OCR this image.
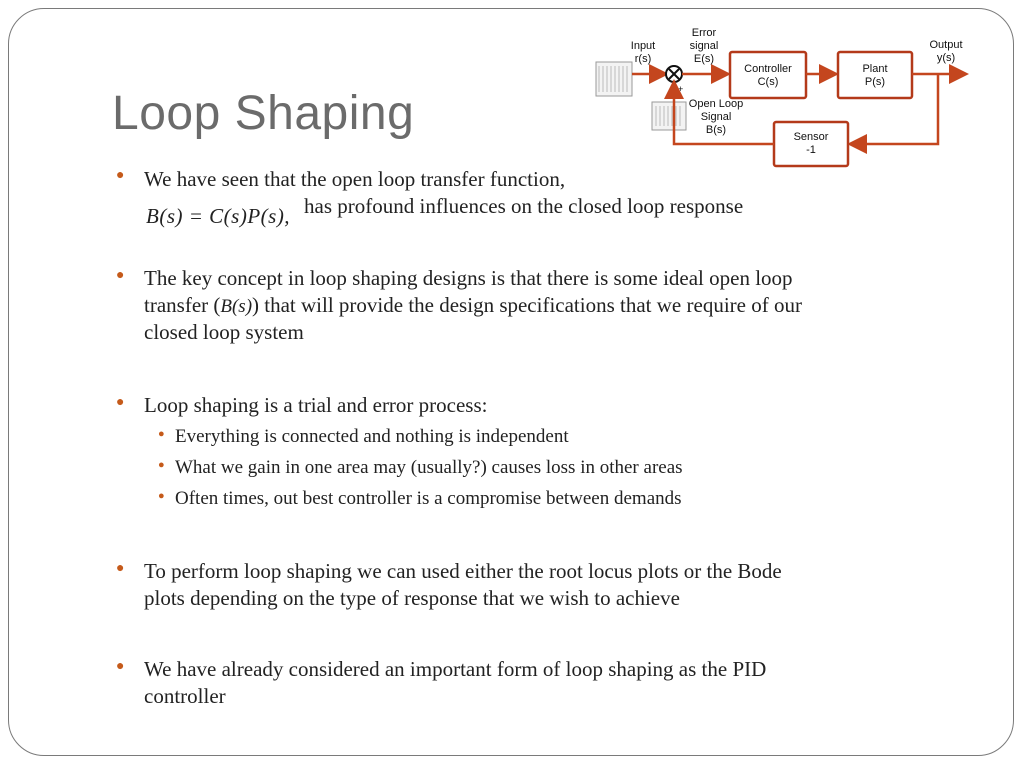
Loop Shaping	+
Controller
C(s)
Plant
P(s)
Sensor
-1
Input
r(s)
Error
signal
E(s)
Output
y(s)
Open Loop
Signal
B(s)
● We have seen that the open loop transfer function,
B(s) = C(s)P(s), has profound influences on the closed loop response
● The key concept in loop shaping designs is that there is some ideal open loop
transfer (B(s)) that will provide the design specifications that we require of our
closed loop system
● Loop shaping is a trial and error process:
● Everything is connected and nothing is independent
● What we gain in one area may (usually?) causes loss in other areas
● Often times, out best controller is a compromise between demands
● To perform loop shaping we can used either the root locus plots or the Bode
plots depending on the type of response that we wish to achieve
● We have already considered an important form of loop shaping as the PID
controller
